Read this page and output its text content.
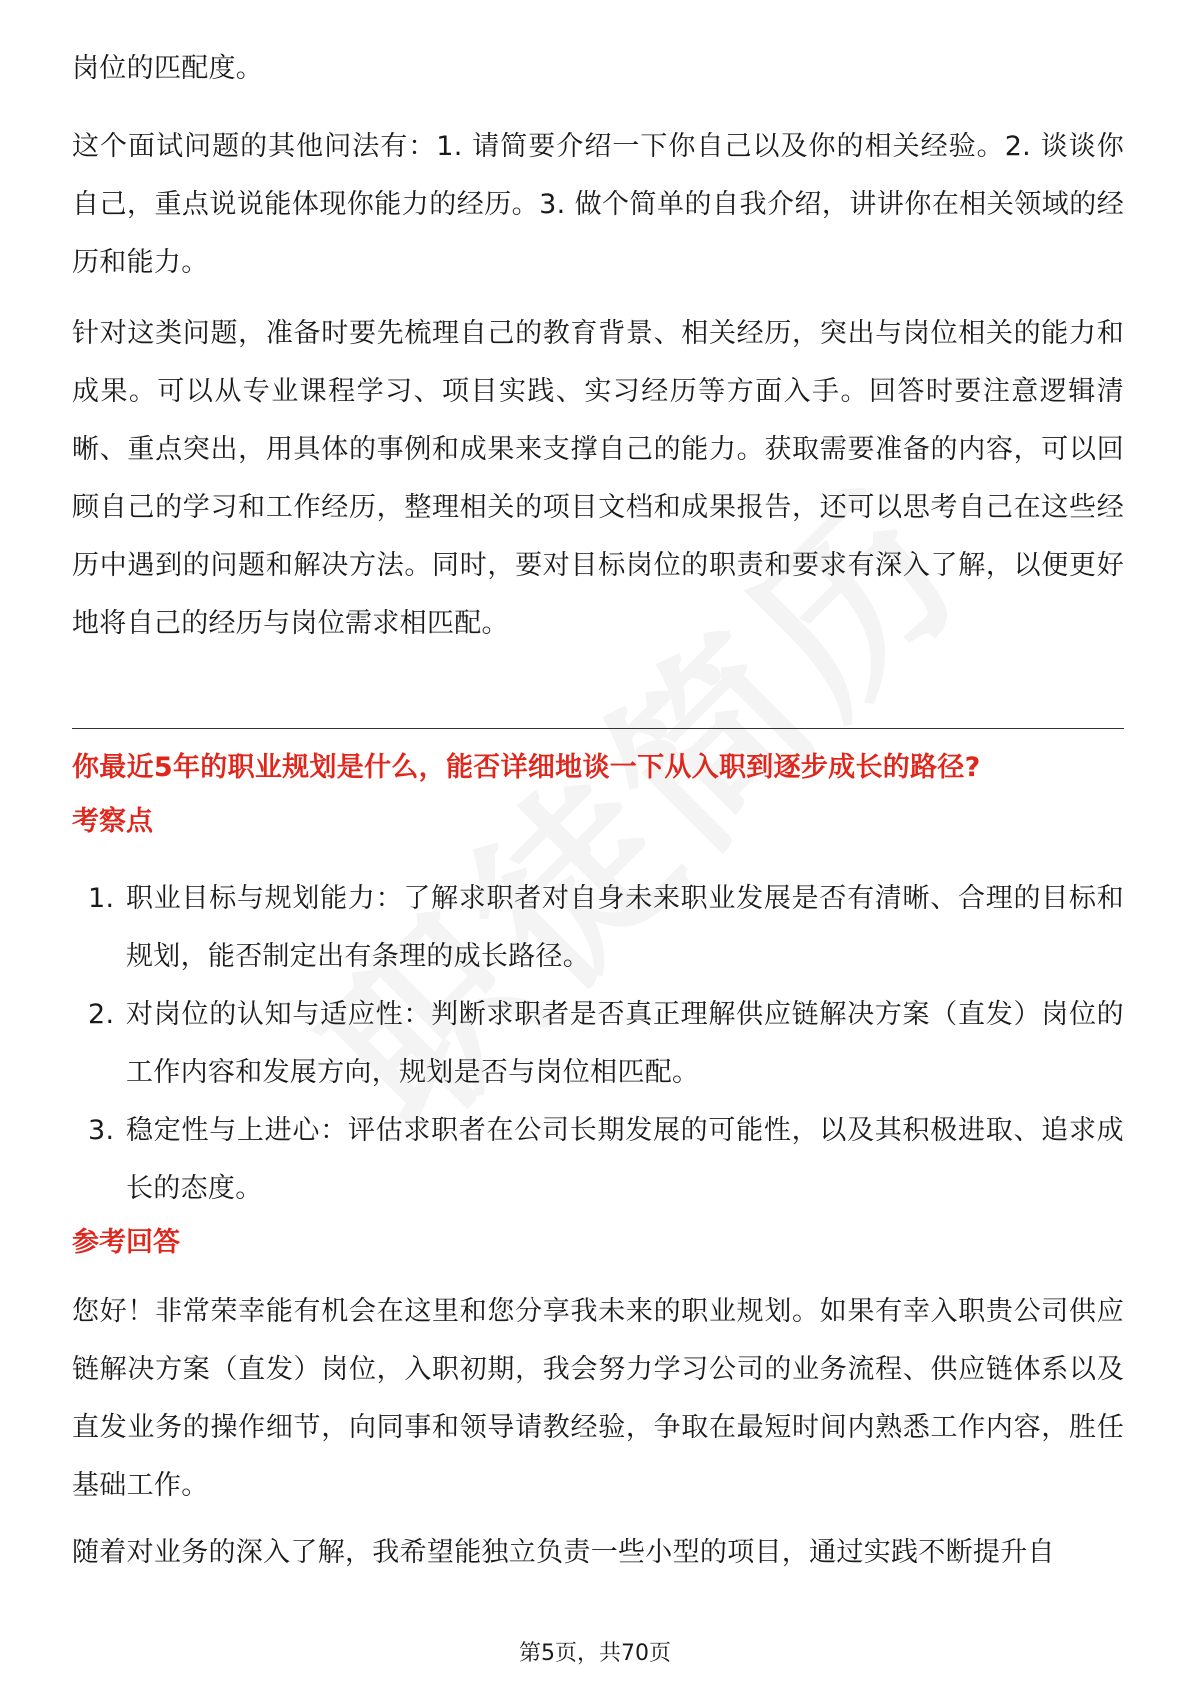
岗位的匹配度。

这个面试问题的其他问法有：1. 请简要介绍一下你自己以及你的相关经验。2. 谈谈你自己，重点说说能体现你能力的经历。3. 做个简单的自我介绍，讲讲你在相关领域的经历和能力。

针对这类问题，准备时要先梳理自己的教育背景、相关经历，突出与岗位相关的能力和成果。可以从专业课程学习、项目实践、实习经历等方面入手。回答时要注意逻辑清晰、重点突出，用具体的事例和成果来支撑自己的能力。获取需要准备的内容，可以回顾自己的学习和工作经历，整理相关的项目文档和成果报告，还可以思考自己在这些经历中遇到的问题和解决方法。同时，要对目标岗位的职责和要求有深入了解，以便更好地将自己的经历与岗位需求相匹配。

你最近5年的职业规划是什么，能否详细地谈一下从入职到逐步成长的路径?
考察点
1. 职业目标与规划能力：了解求职者对自身未来职业发展是否有清晰、合理的目标和规划，能否制定出有条理的成长路径。
2. 对岗位的认知与适应性：判断求职者是否真正理解供应链解决方案（直发）岗位的工作内容和发展方向，规划是否与岗位相匹配。
3. 稳定性与上进心：评估求职者在公司长期发展的可能性，以及其积极进取、追求成长的态度。
参考回答

您好！非常荣幸能有机会在这里和您分享我未来的职业规划。如果有幸入职贵公司供应链解决方案（直发）岗位，入职初期，我会努力学习公司的业务流程、供应链体系以及直发业务的操作细节，向同事和领导请教经验，争取在最短时间内熟悉工作内容，胜任基础工作。

随着对业务的深入了解，我希望能独立负责一些小型的项目，通过实践不断提升自

第5页，共70页
